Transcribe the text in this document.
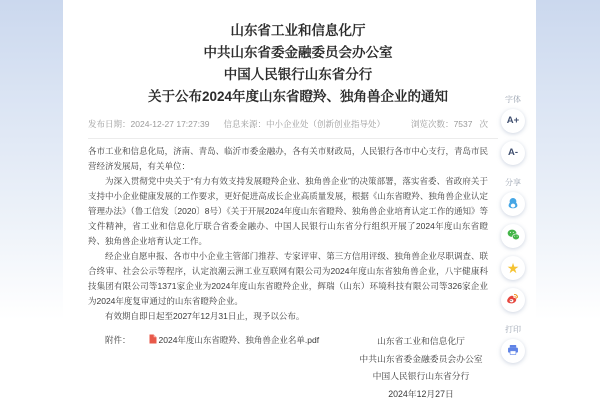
山东省工业和信息化厅
中共山东省委金融委员会办公室
中国人民银行山东省分行
关于公布2024年度山东省瞪羚、独角兽企业的通知
发布日期：2024-12-27 17:27:39 信息来源：中小企业处（创新创业指导处）	浏览次数：7537 次

各市工业和信息化局，济南、青岛、临沂市委金融办，各有关市财政局，人民银行各市中心支行，青岛市民营经济发展局，有关单位：

为深入贯彻党中央关于“有力有效支持发展瞪羚企业、独角兽企业”的决策部署，落实省委、省政府关于支持中小企业健康发展的工作要求，更好促进高成长企业高质量发展，根据《山东省瞪羚、独角兽企业认定管理办法》（鲁工信发〔2020〕8号）《关于开展2024年度山东省瞪羚、独角兽企业培育认定工作的通知》等文件精神，省工业和信息化厅联合省委金融办、中国人民银行山东省分行组织开展了2024年度山东省瞪羚、独角兽企业培育认定工作。

经企业自愿申报、各市中小企业主管部门推荐、专家评审、第三方信用评级、独角兽企业尽职调查、联合终审、社会公示等程序，认定浪潮云洲工业互联网有限公司为2024年度山东省独角兽企业，八宇健康科技集团有限公司等1371家企业为2024年度山东省瞪羚企业，辉瑞（山东）环境科技有限公司等326家企业为2024年度复审通过的山东省瞪羚企业。

有效期自即日起至2027年12月31日止，现予以公布。

附件：	2024年度山东省瞪羚、独角兽企业名单.pdf	山东省工业和信息化厅
中共山东省委金融委员会办公室
中国人民银行山东省分行
2024年12月27日
字体
A+
A-
分享
★
打印
